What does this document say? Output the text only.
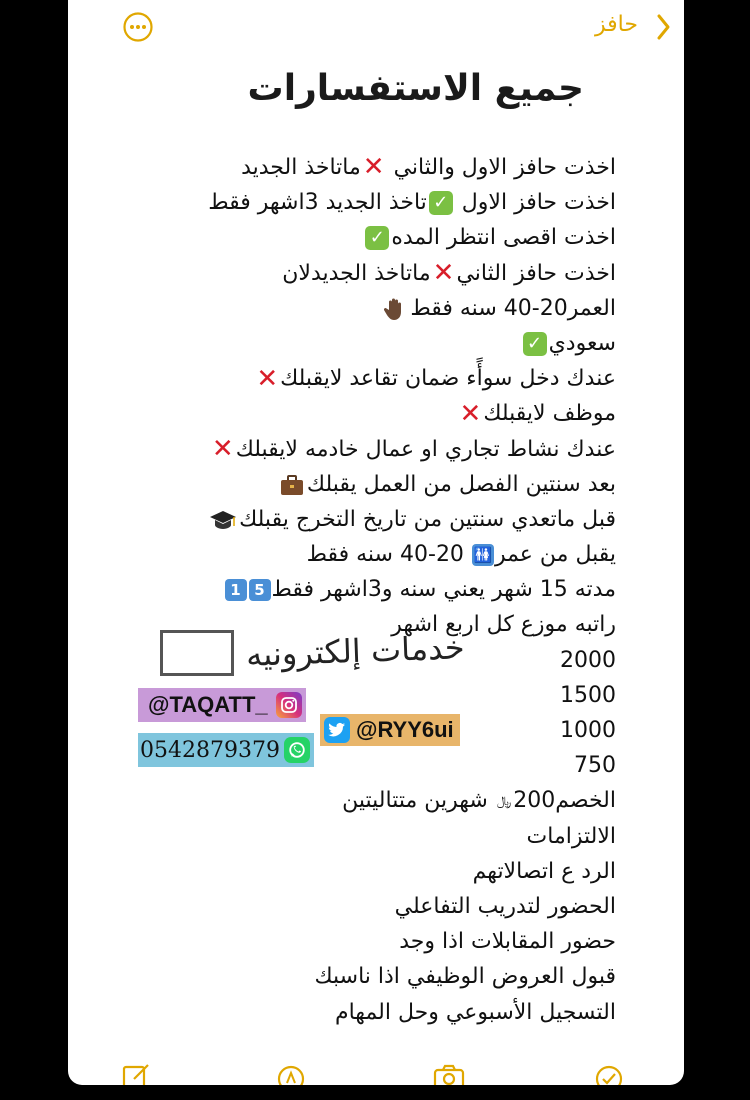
حافز
جميع الاستفسارات
اخذت حافز الاول والثاني ✕ماتاخذ الجديد
اخذت حافز الاول ✓تاخذ الجديد 3اشهر فقط
اخذت اقصى انتظر المده✓
اخذت حافز الثاني✕ماتاخذ الجديدلان
العمر20-40 سنه فقط
سعودي✓
عندك دخل سوأًء ضمان تقاعد لايقبلك✕
موظف لايقبلك✕
عندك نشاط تجاري او عمال خادمه لايقبلك✕
بعد سنتين الفصل من العمل يقبلك
قبل ماتعدي سنتين من تاريخ التخرج يقبلك
يقبل من عمر🚻 20-40 سنه فقط
مدته 15 شهر يعني سنه و3اشهر فقط51
راتبه موزع كل اربع اشهر
2000
1500
1000
750
الخصم200﷼ شهرين متتاليتين
الالتزامات
الرد ع اتصالاتهم
الحضور لتدريب التفاعلي
حضور المقابلات اذا وجد
قبول العروض الوظيفي اذا ناسبك
التسجيل الأسبوعي وحل المهام
خدمات إلكترونيه
@TAQATT_
@RYY6ui
0542879379
